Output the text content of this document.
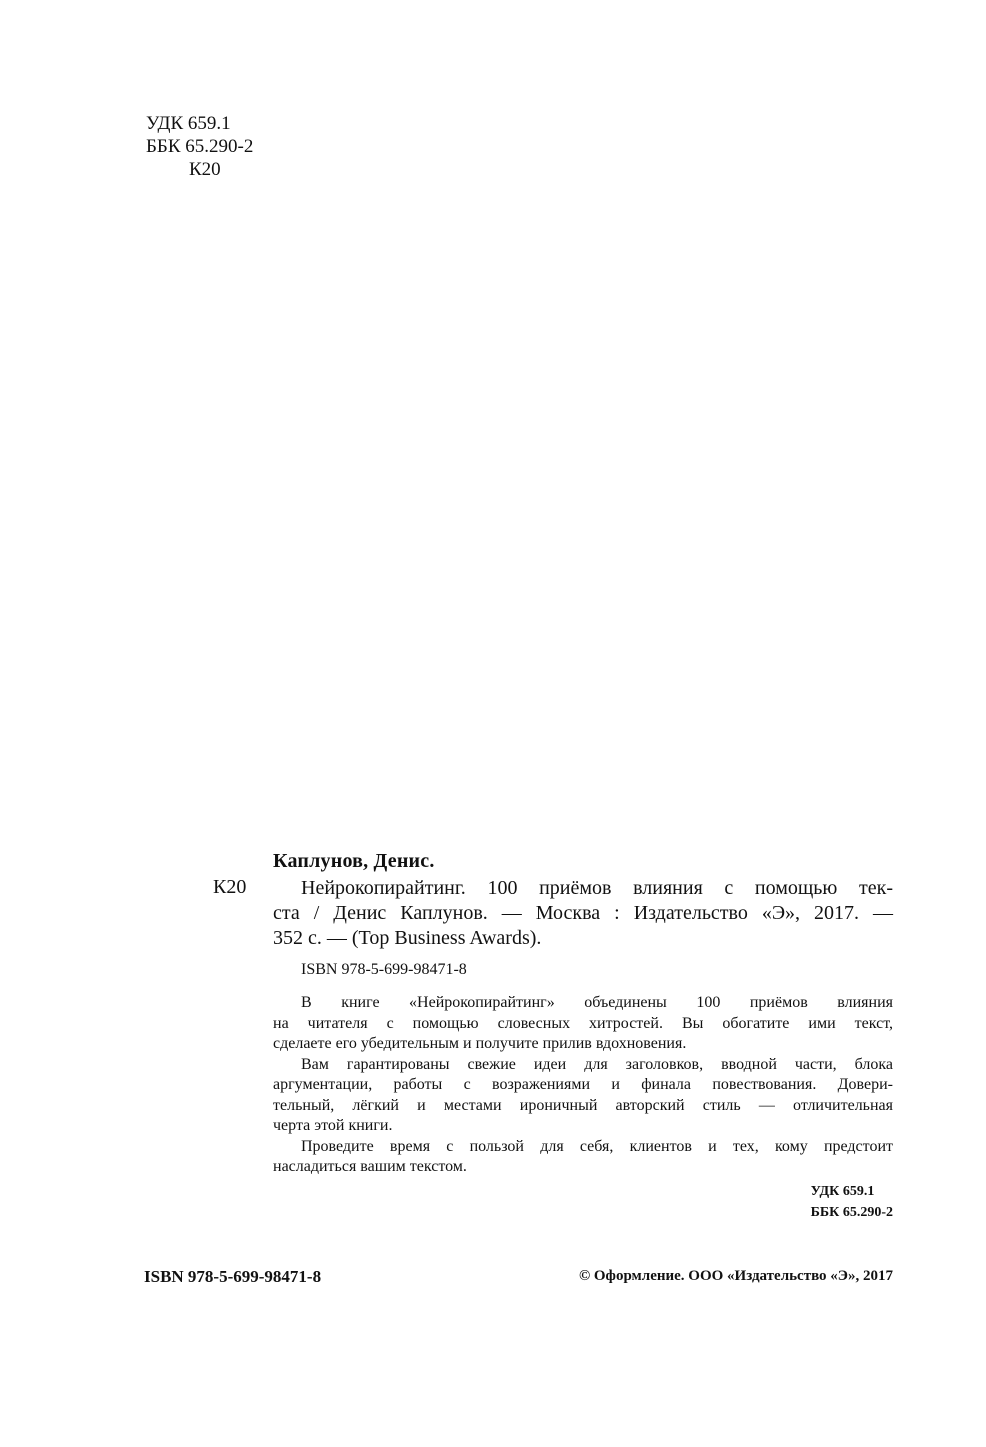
УДК 659.1
ББК 65.290-2
К20
Каплунов, Денис.
К20	Нейрокопирайтинг. 100 приёмов влияния с помощью тек-
ста / Денис Каплунов. — Москва : Издательство «Э», 2017. —
352 с. — (Top Business Awards).
ISBN 978-5-699-98471-8
В книге «Нейрокопирайтинг» объединены 100 приёмов влияния
на читателя с помощью словесных хитростей. Вы обогатите ими текст,
сделаете его убедительным и получите прилив вдохновения.
Вам гарантированы свежие идеи для заголовков, вводной части, блока
аргументации, работы с возражениями и финала повествования. Довери-
тельный, лёгкий и местами ироничный авторский стиль — отличительная
черта этой книги.
Проведите время с пользой для себя, клиентов и тех, кому предстоит
насладиться вашим текстом.
УДК 659.1
ББК 65.290-2
ISBN 978-5-699-98471-8	© Оформление. ООО «Издательство «Э», 2017
